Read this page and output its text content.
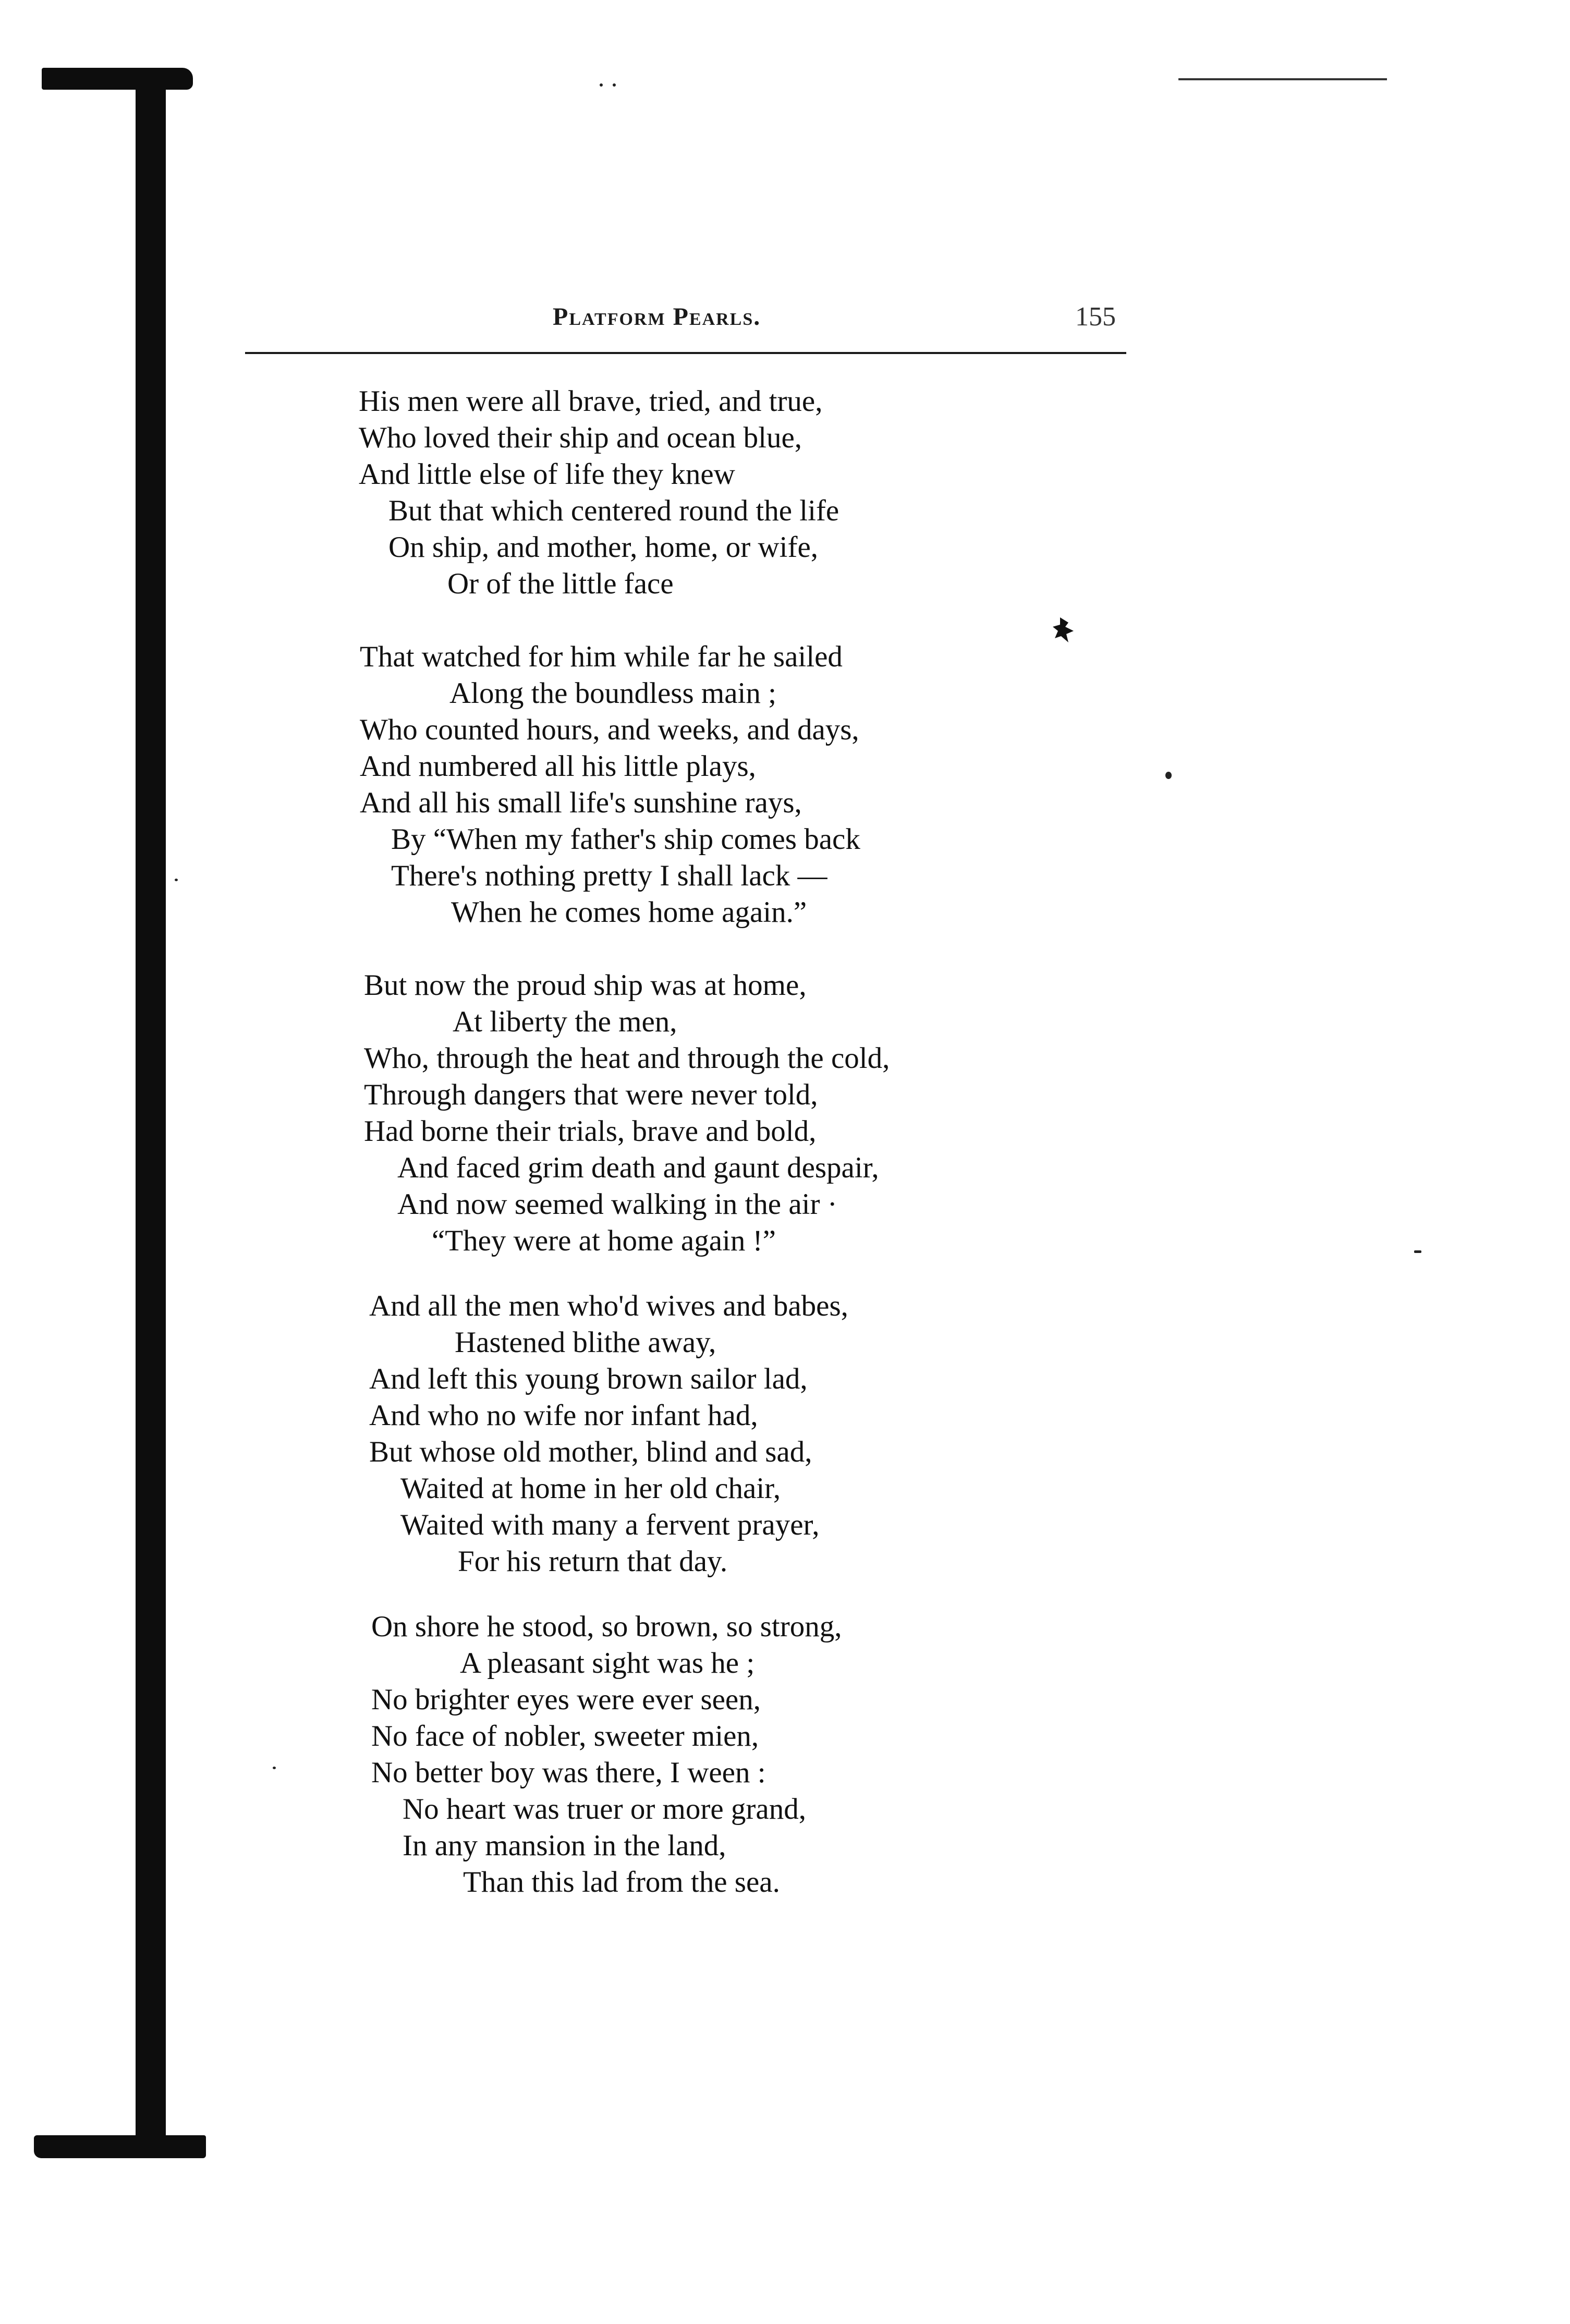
Platform Pearls.	155
His men were all brave, tried, and true,
Who loved their ship and ocean blue,
And little else of life they knew
But that which centered round the life
On ship, and mother, home, or wife,
Or of the little face
That watched for him while far he sailed
Along the boundless main ;
Who counted hours, and weeks, and days,
And numbered all his little plays,
And all his small life's sunshine rays,
By “When my father's ship comes back
There's nothing pretty I shall lack —
When he comes home again.”
But now the proud ship was at home,
At liberty the men,
Who, through the heat and through the cold,
Through dangers that were never told,
Had borne their trials, brave and bold,
And faced grim death and gaunt despair,
And now seemed walking in the air ·
“They were at home again !”
And all the men who'd wives and babes,
Hastened blithe away,
And left this young brown sailor lad,
And who no wife nor infant had,
But whose old mother, blind and sad,
Waited at home in her old chair,
Waited with many a fervent prayer,
For his return that day.
On shore he stood, so brown, so strong,
A pleasant sight was he ;
No brighter eyes were ever seen,
No face of nobler, sweeter mien,
No better boy was there, I ween :
No heart was truer or more grand,
In any mansion in the land,
Than this lad from the sea.
